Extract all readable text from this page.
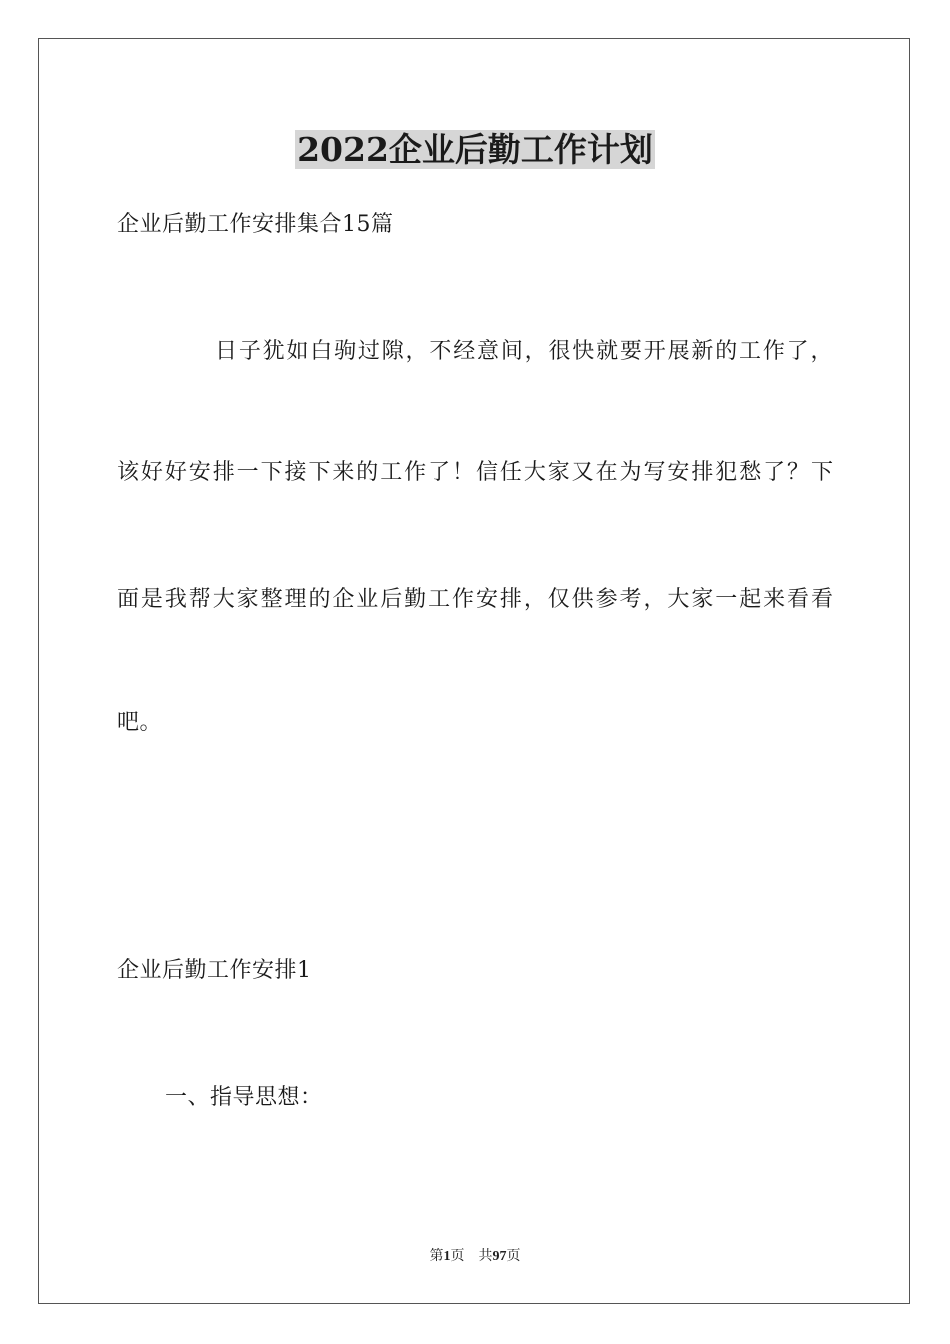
2022企业后勤工作计划
企业后勤工作安排集合15篇
日子犹如白驹过隙，不经意间，很快就要开展新的工作了，
该好好安排一下接下来的工作了！信任大家又在为写安排犯愁了？下
面是我帮大家整理的企业后勤工作安排，仅供参考，大家一起来看看
吧。
企业后勤工作安排1
一、指导思想：
第1页 共97页
